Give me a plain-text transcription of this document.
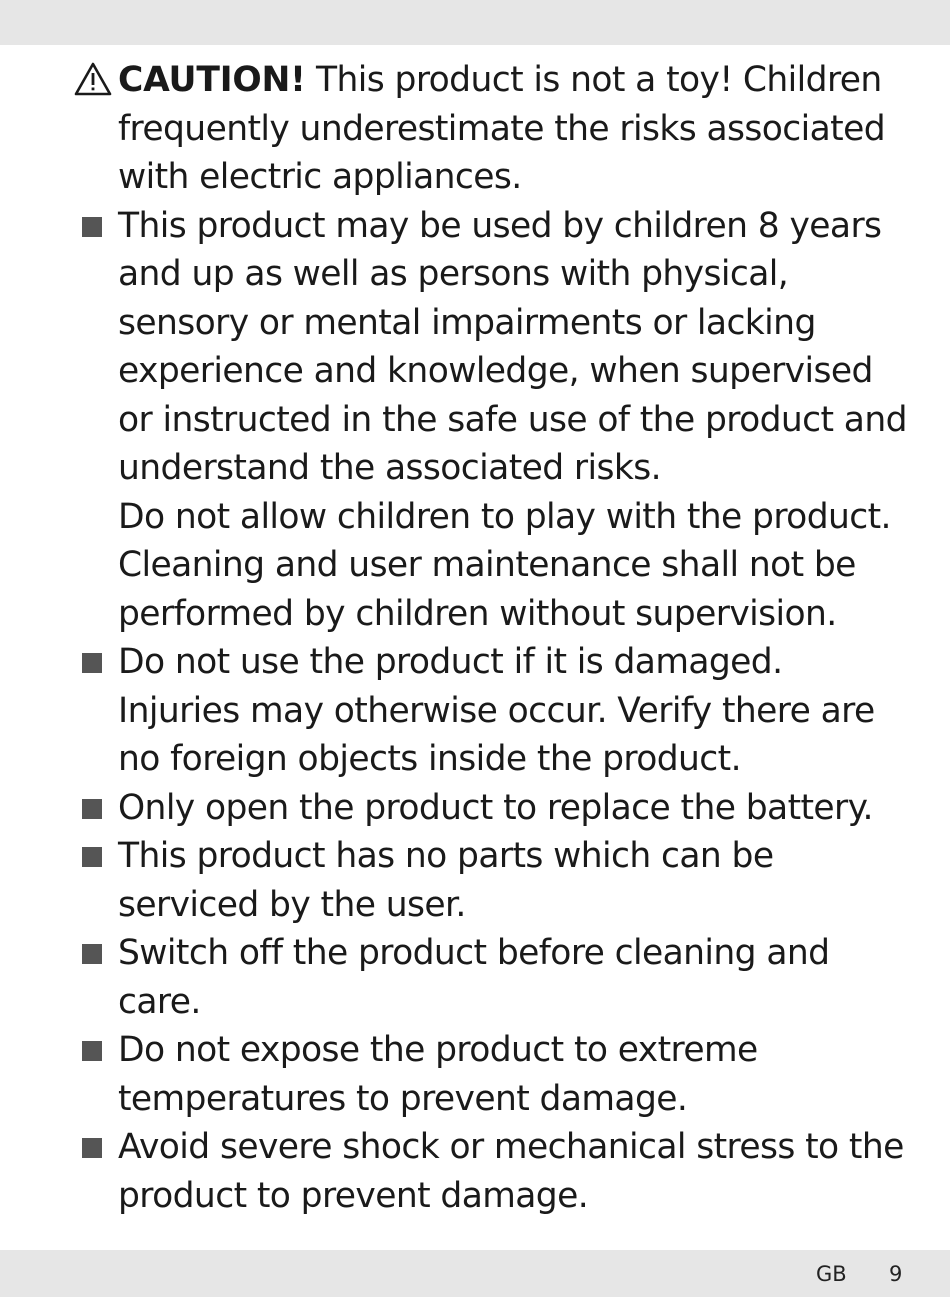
CAUTION! This product is not a toy! Children frequently underestimate the risks associated with electric appliances.

This product may be used by children 8 years and up as well as persons with physical, sensory or mental impairments or lacking experience and knowledge, when supervised or instructed in the safe use of the product and understand the associated risks.

Do not allow children to play with the product. Cleaning and user maintenance shall not be performed by children without supervision.

Do not use the product if it is damaged. Injuries may otherwise occur. Verify there are no foreign objects inside the product.

Only open the product to replace the battery.

This product has no parts which can be serviced by the user.

Switch off the product before cleaning and care.

Do not expose the product to extreme temperatures to prevent damage.

Avoid severe shock or mechanical stress to the product to prevent damage.

GB 9
